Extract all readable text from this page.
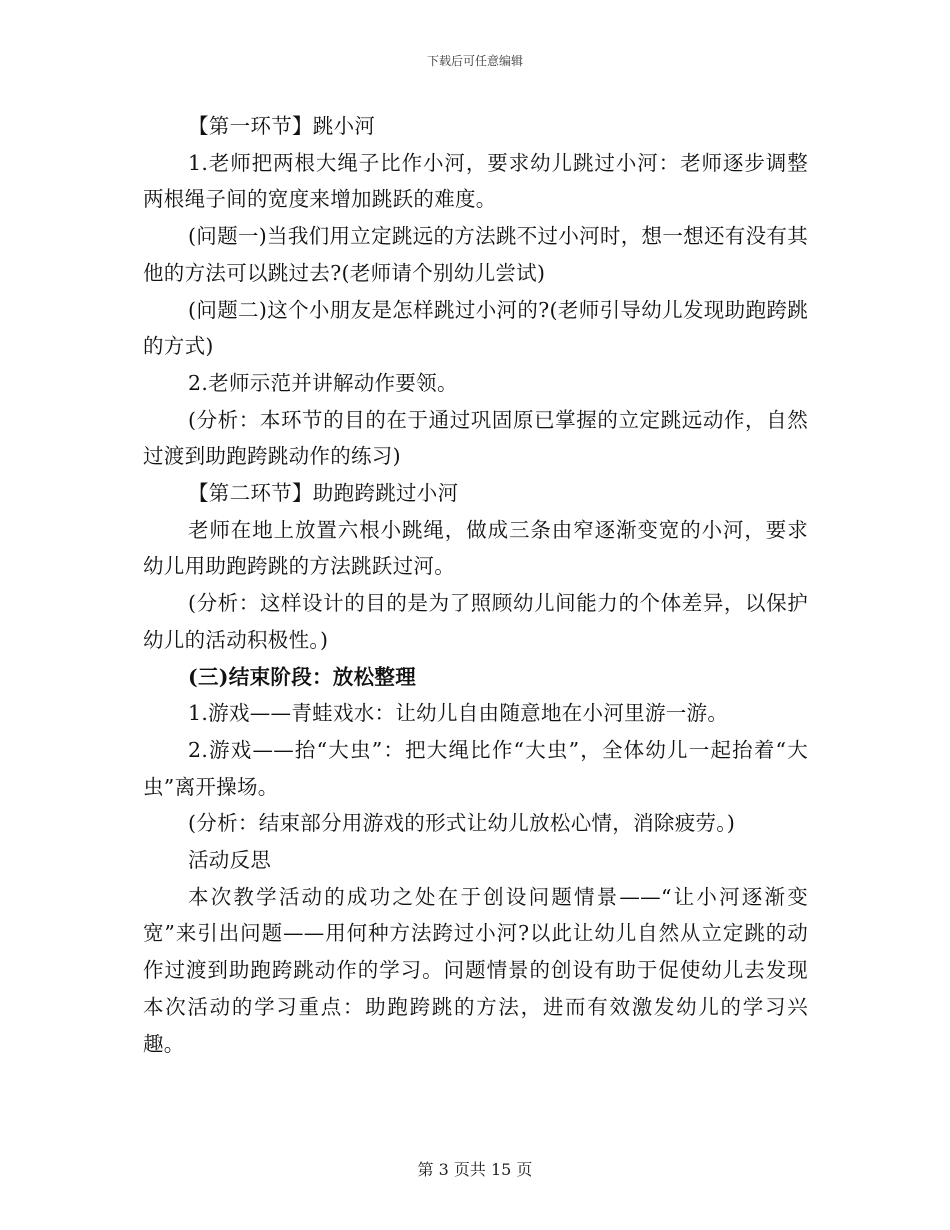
下载后可任意编辑

【第一环节】跳小河

1.老师把两根大绳子比作小河，要求幼儿跳过小河：老师逐步调整两根绳子间的宽度来增加跳跃的难度。

(问题一)当我们用立定跳远的方法跳不过小河时，想一想还有没有其他的方法可以跳过去?(老师请个别幼儿尝试)

(问题二)这个小朋友是怎样跳过小河的?(老师引导幼儿发现助跑跨跳的方式)

2.老师示范并讲解动作要领。

(分析：本环节的目的在于通过巩固原已掌握的立定跳远动作，自然过渡到助跑跨跳动作的练习)

【第二环节】助跑跨跳过小河

老师在地上放置六根小跳绳，做成三条由窄逐渐变宽的小河，要求幼儿用助跑跨跳的方法跳跃过河。

(分析：这样设计的目的是为了照顾幼儿间能力的个体差异，以保护幼儿的活动积极性。)

(三)结束阶段：放松整理

1.游戏——青蛙戏水：让幼儿自由随意地在小河里游一游。

2.游戏——抬“大虫”：把大绳比作“大虫”，全体幼儿一起抬着“大虫”离开操场。

(分析：结束部分用游戏的形式让幼儿放松心情，消除疲劳。)

活动反思

本次教学活动的成功之处在于创设问题情景——“让小河逐渐变宽”来引出问题——用何种方法跨过小河?以此让幼儿自然从立定跳的动作过渡到助跑跨跳动作的学习。问题情景的创设有助于促使幼儿去发现本次活动的学习重点：助跑跨跳的方法，进而有效激发幼儿的学习兴趣。

第 3 页共 15 页
